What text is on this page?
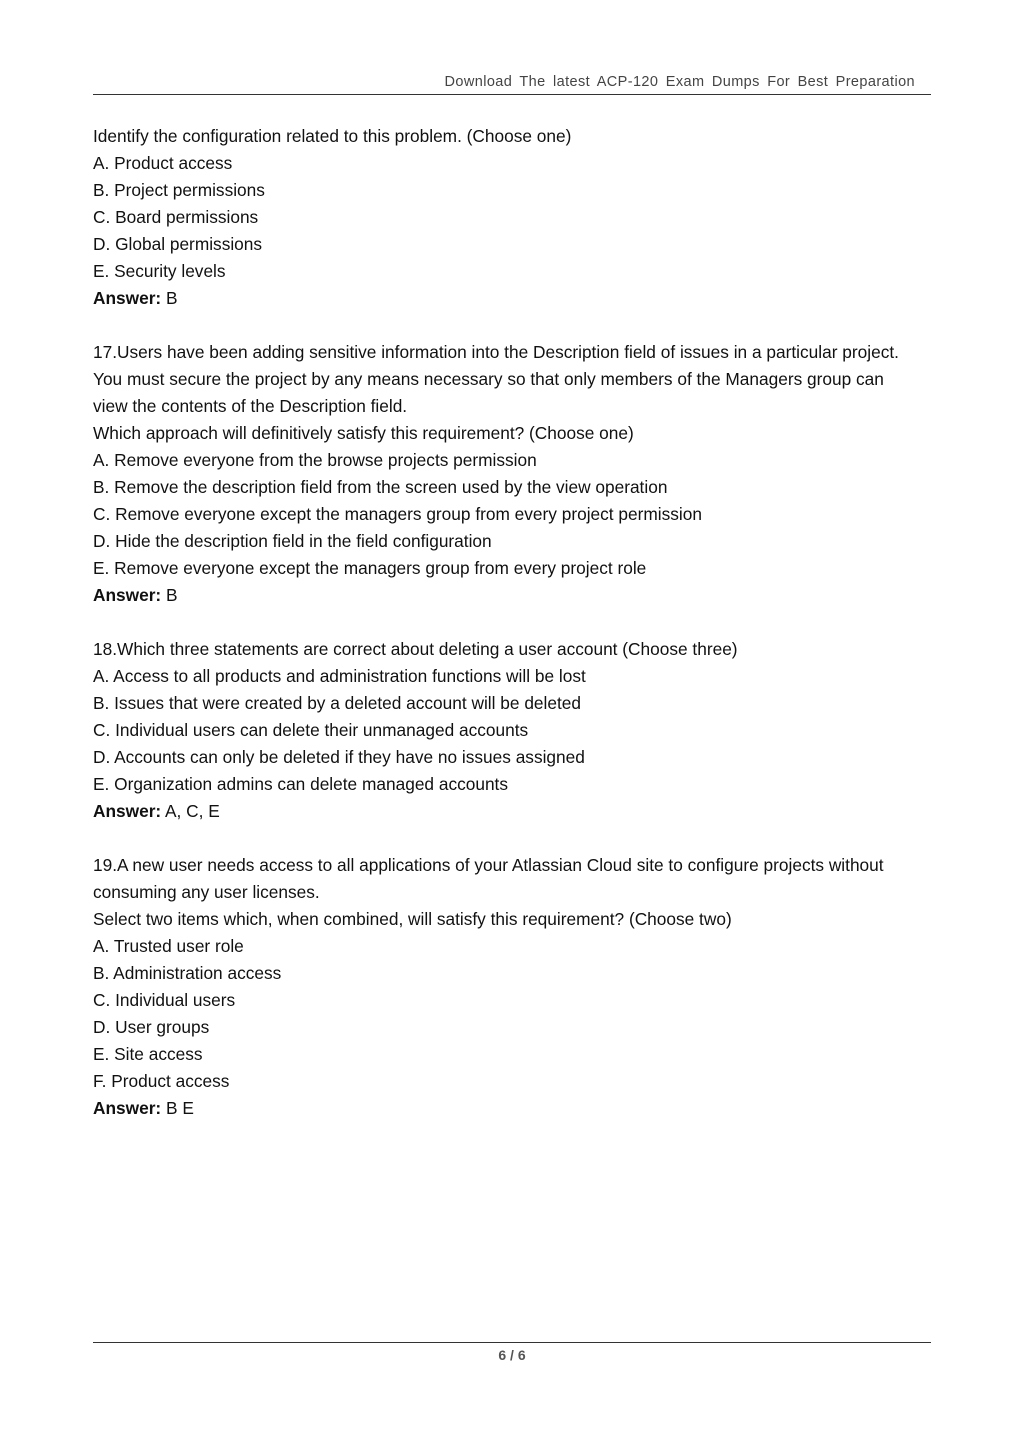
Download The latest ACP-120 Exam Dumps For Best Preparation

Identify the configuration related to this problem. (Choose one)

A. Product access

B. Project permissions

C. Board permissions

D. Global permissions

E. Security levels

Answer: B

17.Users have been adding sensitive information into the Description field of issues in a particular project.

You must secure the project by any means necessary so that only members of the Managers group can

view the contents of the Description field.

Which approach will definitively satisfy this requirement? (Choose one)

A. Remove everyone from the browse projects permission

B. Remove the description field from the screen used by the view operation

C. Remove everyone except the managers group from every project permission

D. Hide the description field in the field configuration

E. Remove everyone except the managers group from every project role

Answer: B

18.Which three statements are correct about deleting a user account (Choose three)

A. Access to all products and administration functions will be lost

B. Issues that were created by a deleted account will be deleted

C. Individual users can delete their unmanaged accounts

D. Accounts can only be deleted if they have no issues assigned

E. Organization admins can delete managed accounts

Answer: A, C, E

19.A new user needs access to all applications of your Atlassian Cloud site to configure projects without

consuming any user licenses.

Select two items which, when combined, will satisfy this requirement? (Choose two)

A. Trusted user role

B. Administration access

C. Individual users

D. User groups

E. Site access

F. Product access

Answer: B E

6 / 6
